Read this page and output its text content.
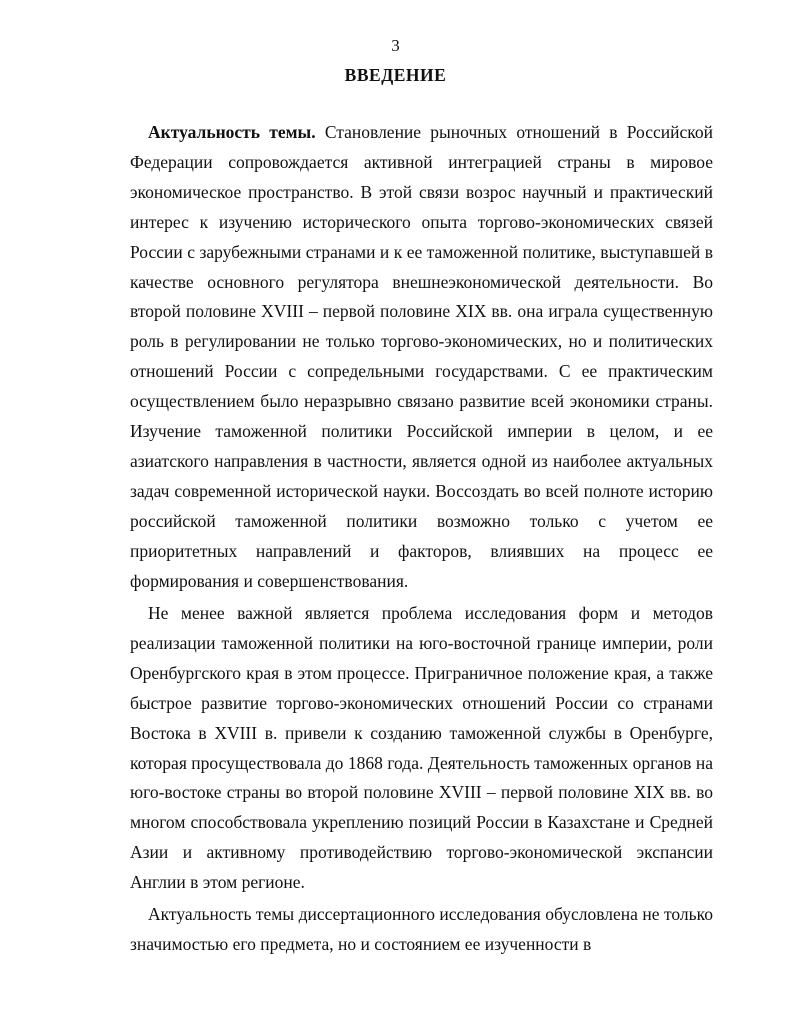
3
ВВЕДЕНИЕ

Актуальность темы. Становление рыночных отношений в Российской Федерации сопровождается активной интеграцией страны в мировое экономическое пространство. В этой связи возрос научный и практический интерес к изучению исторического опыта торгово-экономических связей России с зарубежными странами и к ее таможенной политике, выступавшей в качестве основного регулятора внешнеэкономической деятельности. Во второй половине XVIII – первой половине XIX вв. она играла существенную роль в регулировании не только торгово-экономических, но и политических отношений России с сопредельными государствами. С ее практическим осуществлением было неразрывно связано развитие всей экономики страны. Изучение таможенной политики Российской империи в целом, и ее азиатского направления в частности, является одной из наиболее актуальных задач современной исторической науки. Воссоздать во всей полноте историю российской таможенной политики возможно только с учетом ее приоритетных направлений и факторов, влиявших на процесс ее формирования и совершенствования.

Не менее важной является проблема исследования форм и методов реализации таможенной политики на юго-восточной границе империи, роли Оренбургского края в этом процессе. Приграничное положение края, а также быстрое развитие торгово-экономических отношений России со странами Востока в XVIII в. привели к созданию таможенной службы в Оренбурге, которая просуществовала до 1868 года. Деятельность таможенных органов на юго-востоке страны во второй половине XVIII – первой половине XIX вв. во многом способствовала укреплению позиций России в Казахстане и Средней Азии и активному противодействию торгово-экономической экспансии Англии в этом регионе.

Актуальность темы диссертационного исследования обусловлена не только значимостью его предмета, но и состоянием ее изученности в
